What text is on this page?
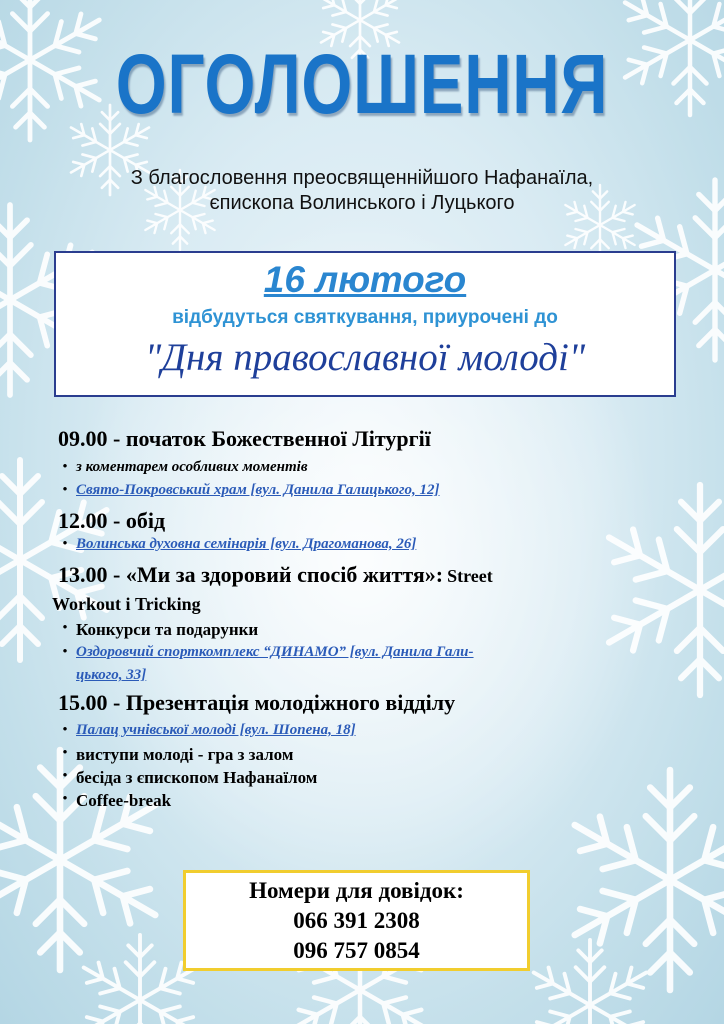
ОГОЛОШЕННЯ
З благословення преосвященнійшого Нафанаїла,
єпископа Волинського і Луцького
16 лютого
відбудуться святкування, приурочені до
"Дня православної молоді"
09.00 - початок Божественної Літургії
• з коментарем особливих моментів
• Свято-Покровський храм [вул. Данила Галицького, 12]
12.00 - обід
• Волинська духовна семінарія [вул. Драгоманова, 26]
13.00 - «Ми за здоровий спосіб життя»: Street
Workout і Tricking
• Конкурси та подарунки
• Оздоровчий спорткомплекс “ДИНАМО” [вул. Данила Гали-
цького, 33]
15.00 - Презентація молодіжного відділу
• Палац учнівської молоді [вул. Шопена, 18]
• виступи молоді - гра з залом
• бесіда з єпископом Нафанаїлом
• Coffee-break
Номери для довідок:
066 391 2308
096 757 0854
